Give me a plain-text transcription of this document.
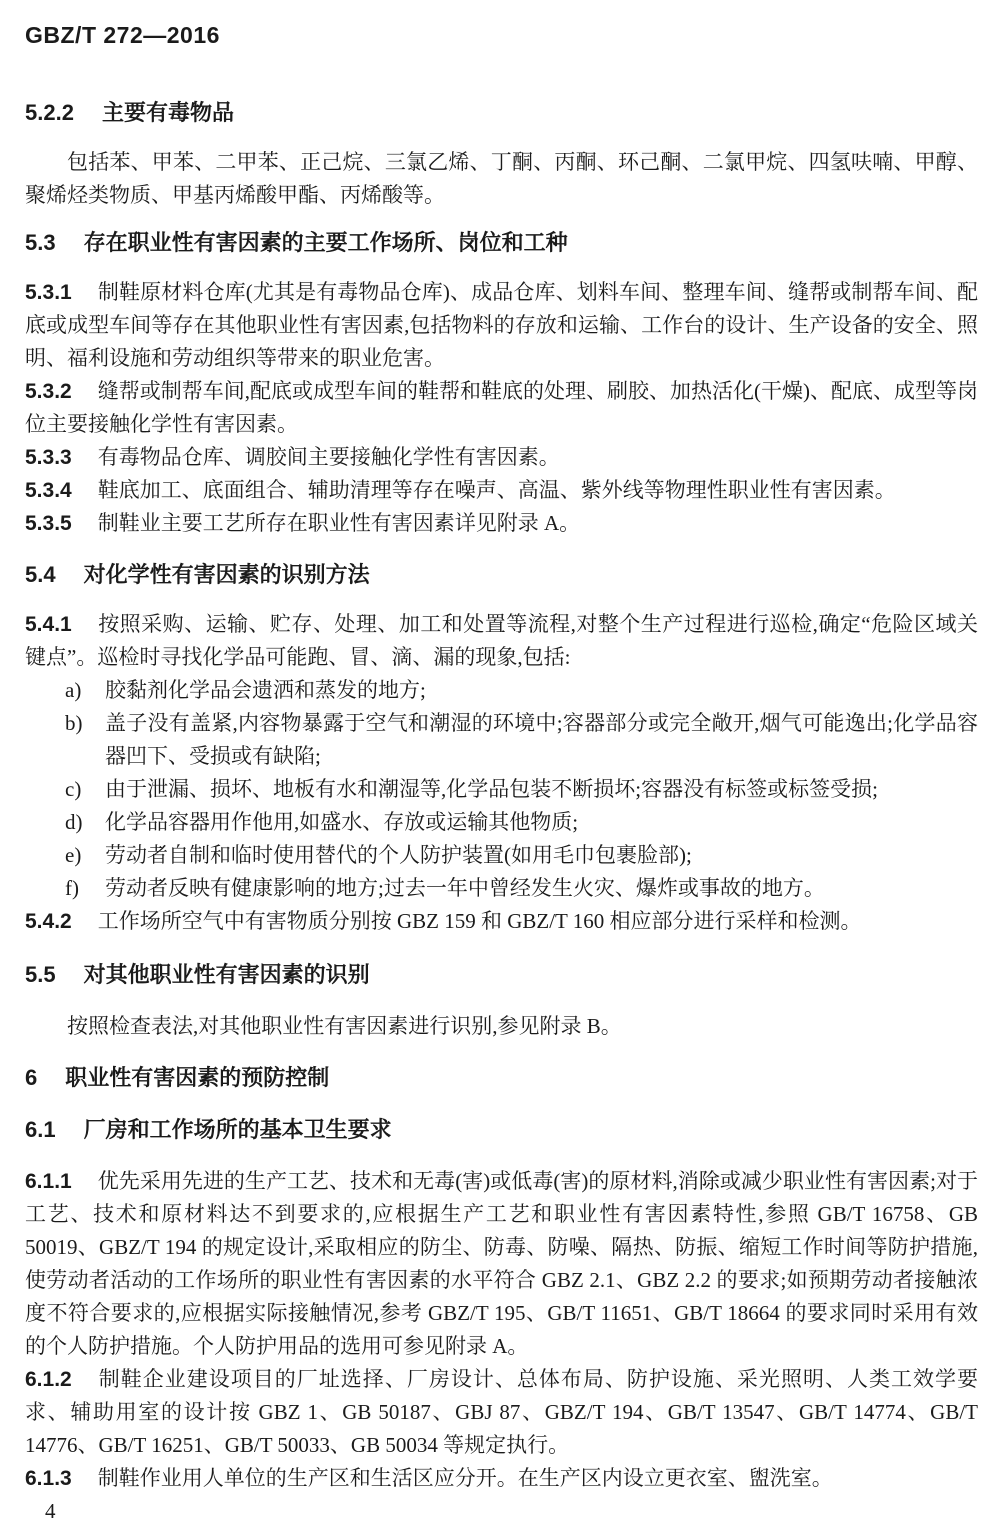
GBZ/T 272—2016
5.2.2 主要有毒物品

包括苯、甲苯、二甲苯、正己烷、三氯乙烯、丁酮、丙酮、环己酮、二氯甲烷、四氢呋喃、甲醇、聚烯烃类物质、甲基丙烯酸甲酯、丙烯酸等。

5.3 存在职业性有害因素的主要工作场所、岗位和工种

5.3.1 制鞋原材料仓库(尤其是有毒物品仓库)、成品仓库、划料车间、整理车间、缝帮或制帮车间、配底或成型车间等存在其他职业性有害因素,包括物料的存放和运输、工作台的设计、生产设备的安全、照明、福利设施和劳动组织等带来的职业危害。

5.3.2 缝帮或制帮车间,配底或成型车间的鞋帮和鞋底的处理、刷胶、加热活化(干燥)、配底、成型等岗位主要接触化学性有害因素。

5.3.3 有毒物品仓库、调胶间主要接触化学性有害因素。

5.3.4 鞋底加工、底面组合、辅助清理等存在噪声、高温、紫外线等物理性职业性有害因素。

5.3.5 制鞋业主要工艺所存在职业性有害因素详见附录 A。

5.4 对化学性有害因素的识别方法

5.4.1 按照采购、运输、贮存、处理、加工和处置等流程,对整个生产过程进行巡检,确定“危险区域关键点”。巡检时寻找化学品可能跑、冒、滴、漏的现象,包括:

a)	胶黏剂化学品会遗洒和蒸发的地方;
b)	盖子没有盖紧,内容物暴露于空气和潮湿的环境中;容器部分或完全敞开,烟气可能逸出;化学品容器凹下、受损或有缺陷;
c)	由于泄漏、损坏、地板有水和潮湿等,化学品包装不断损坏;容器没有标签或标签受损;
d)	化学品容器用作他用,如盛水、存放或运输其他物质;
e)	劳动者自制和临时使用替代的个人防护装置(如用毛巾包裹脸部);
f)	劳动者反映有健康影响的地方;过去一年中曾经发生火灾、爆炸或事故的地方。

5.4.2 工作场所空气中有害物质分别按 GBZ 159 和 GBZ/T 160 相应部分进行采样和检测。

5.5 对其他职业性有害因素的识别

按照检查表法,对其他职业性有害因素进行识别,参见附录 B。

6 职业性有害因素的预防控制
6.1 厂房和工作场所的基本卫生要求

6.1.1 优先采用先进的生产工艺、技术和无毒(害)或低毒(害)的原材料,消除或减少职业性有害因素;对于工艺、技术和原材料达不到要求的,应根据生产工艺和职业性有害因素特性,参照 GB/T 16758、GB 50019、GBZ/T 194 的规定设计,采取相应的防尘、防毒、防噪、隔热、防振、缩短工作时间等防护措施,使劳动者活动的工作场所的职业性有害因素的水平符合 GBZ 2.1、GBZ 2.2 的要求;如预期劳动者接触浓度不符合要求的,应根据实际接触情况,参考 GBZ/T 195、GB/T 11651、GB/T 18664 的要求同时采用有效的个人防护措施。个人防护用品的选用可参见附录 A。

6.1.2 制鞋企业建设项目的厂址选择、厂房设计、总体布局、防护设施、采光照明、人类工效学要求、辅助用室的设计按 GBZ 1、GB 50187、GBJ 87、GBZ/T 194、GB/T 13547、GB/T 14774、GB/T 14776、GB/T 16251、GB/T 50033、GB 50034 等规定执行。

6.1.3 制鞋作业用人单位的生产区和生活区应分开。在生产区内设立更衣室、盥洗室。

4
